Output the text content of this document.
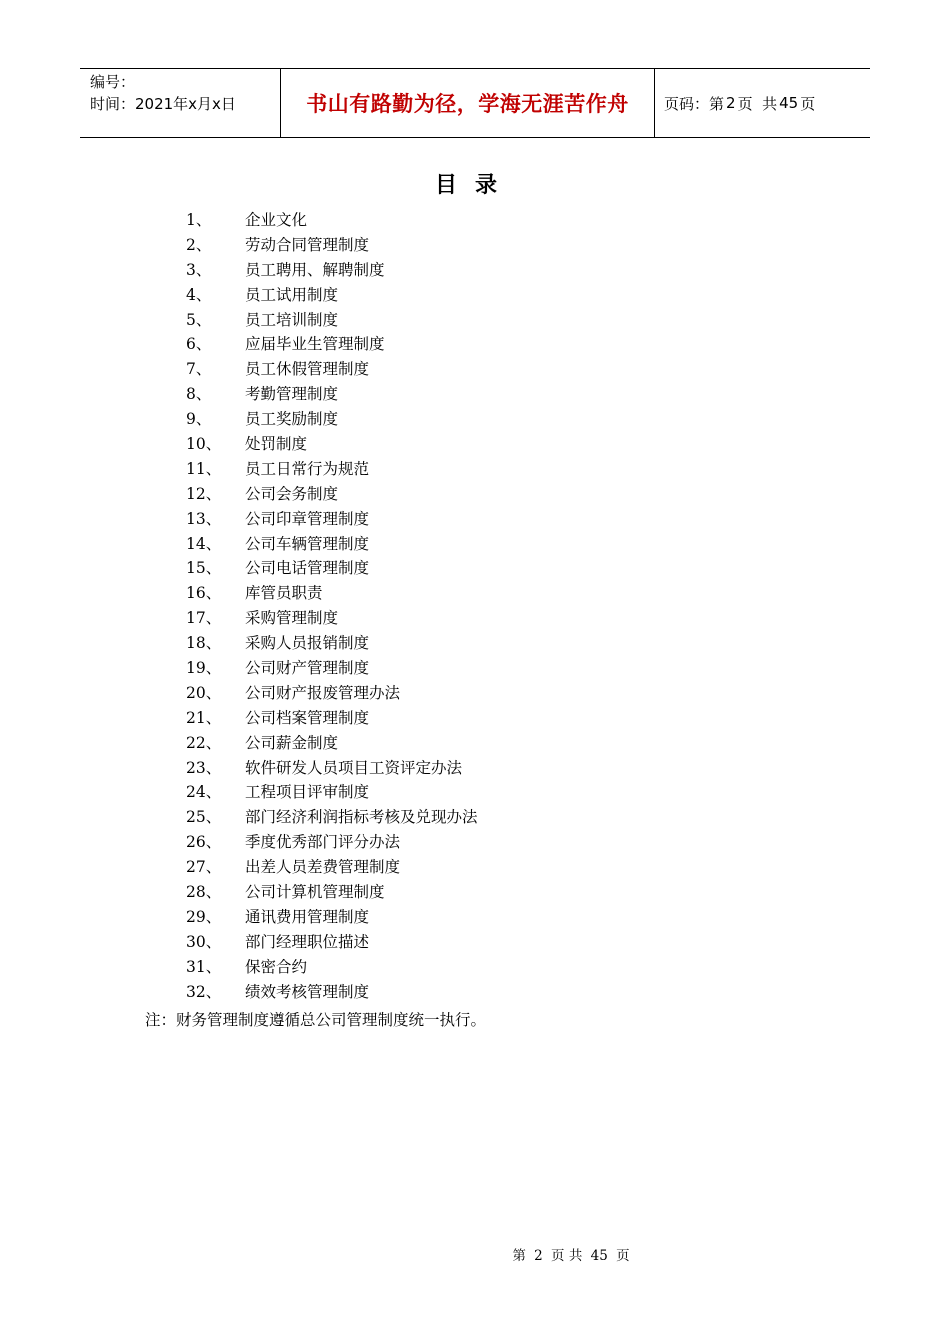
编号：
时间：2021年x月x日	书山有路勤为径，学海无涯苦作舟 页码：第 2 页  共 45 页
目录
1、	企业文化
2、	劳动合同管理制度
3、	员工聘用、解聘制度
4、	员工试用制度
5、	员工培训制度
6、	应届毕业生管理制度
7、	员工休假管理制度
8、	考勤管理制度
9、	员工奖励制度
10、	处罚制度
11、	员工日常行为规范
12、	公司会务制度
13、	公司印章管理制度
14、	公司车辆管理制度
15、	公司电话管理制度
16、	库管员职责
17、	采购管理制度
18、	采购人员报销制度
19、	公司财产管理制度
20、	公司财产报废管理办法
21、	公司档案管理制度
22、	公司薪金制度
23、	软件研发人员项目工资评定办法
24、	工程项目评审制度
25、	部门经济利润指标考核及兑现办法
26、	季度优秀部门评分办法
27、	出差人员差费管理制度
28、	公司计算机管理制度
29、	通讯费用管理制度
30、	部门经理职位描述
31、	保密合约
32、	绩效考核管理制度
注：财务管理制度遵循总公司管理制度统一执行。
第 2 页 共 45 页
